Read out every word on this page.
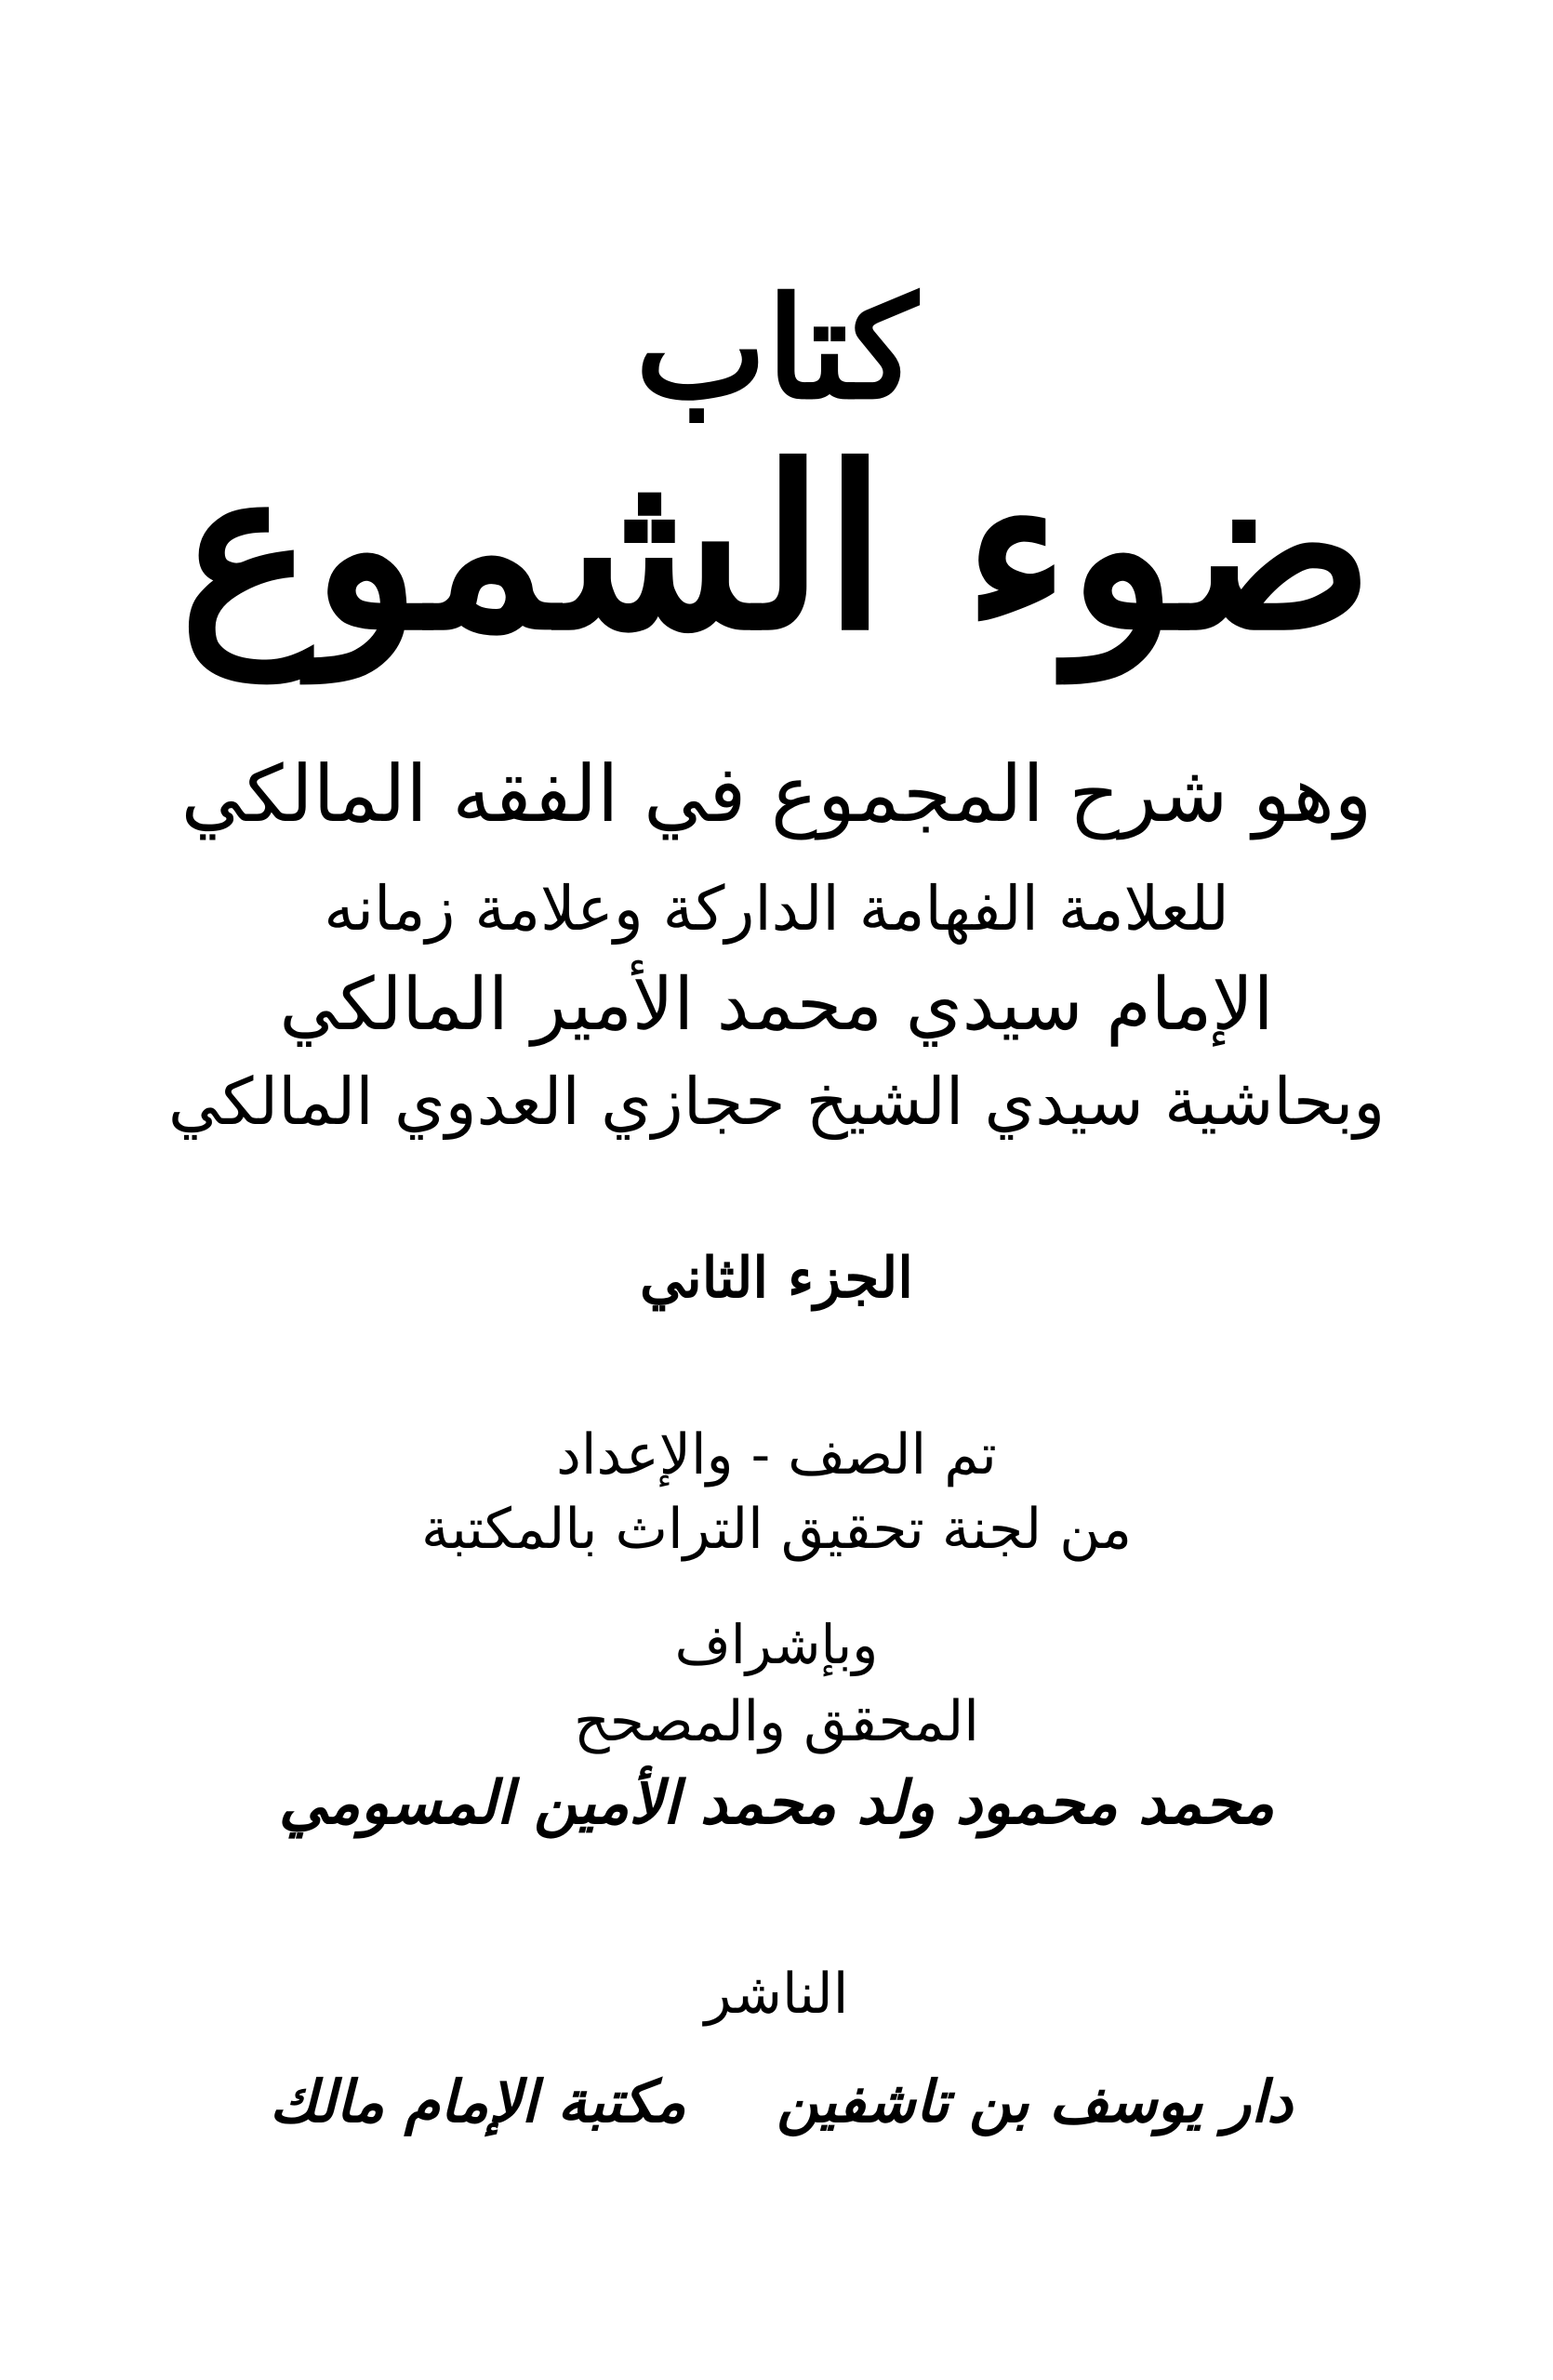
كتاب
ضوء الشموع
وهو شرح المجموع في الفقه المالكي
للعلامة الفهامة الداركة وعلامة زمانه
الإمام سيدي محمد الأمير المالكي
وبحاشية سيدي الشيخ حجازي العدوي المالكي
الجزء الثاني
تم الصف - والإعداد
من لجنة تحقيق التراث بالمكتبة
وبإشراف
المحقق والمصحح
محمد محمود ولد محمد الأمين المسومي
الناشر
دار يوسف بن تاشفين
مكتبة الإمام مالك
